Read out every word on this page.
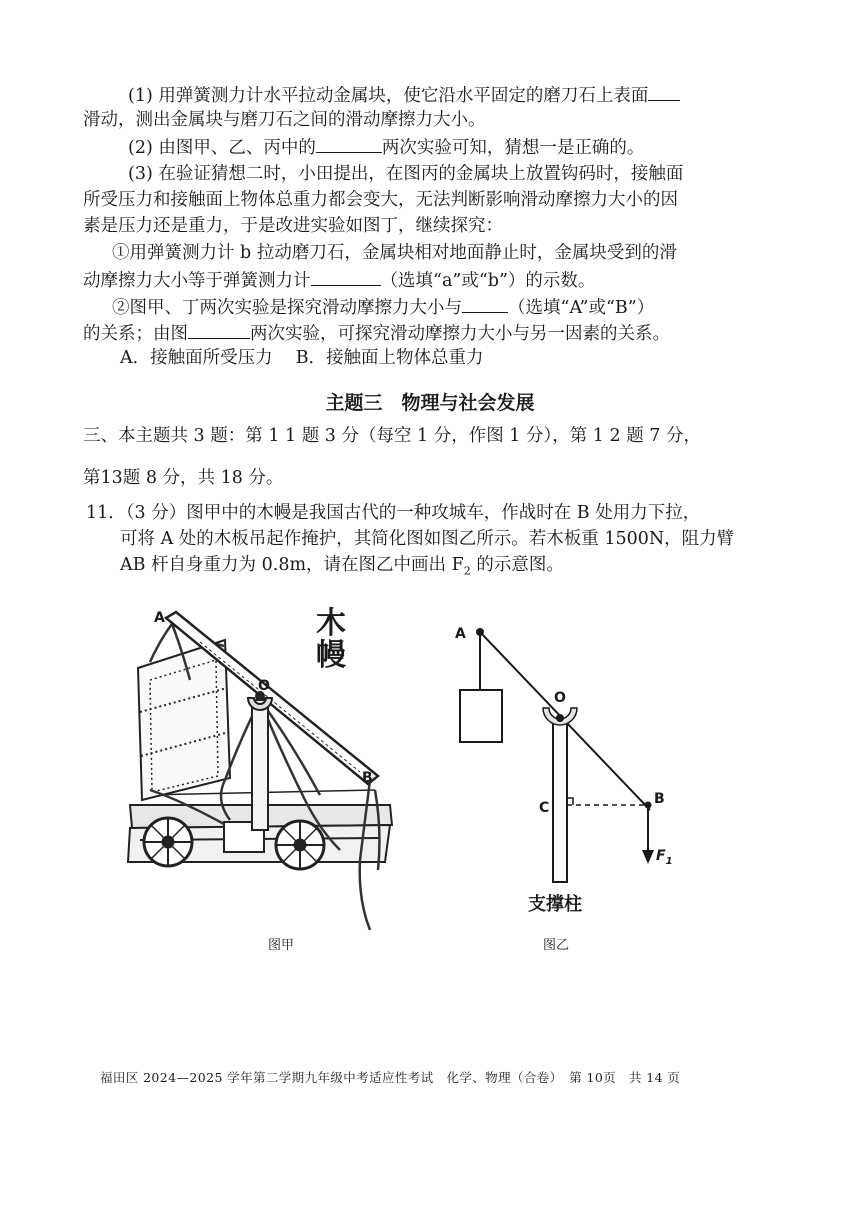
(1) 用弹簧测力计水平拉动金属块，使它沿水平固定的磨刀石上表面
滑动，测出金属块与磨刀石之间的滑动摩擦力大小。
(2) 由图甲、乙、丙中的	两次实验可知，猜想一是正确的。
(3) 在验证猜想二时，小田提出，在图丙的金属块上放置钩码时，接触面
所受压力和接触面上物体总重力都会变大，无法判断影响滑动摩擦力大小的因
素是压力还是重力，于是改进实验如图丁，继续探究：
①用弹簧测力计 b 拉动磨刀石，金属块相对地面静止时，金属块受到的滑
动摩擦力大小等于弹簧测力计	（选填“a”或“b”）的示数。
②图甲、丁两次实验是探究滑动摩擦力大小与	（选填“A”或“B”）
的关系；由图	两次实验，可探究滑动摩擦力大小与另一因素的关系。
A．接触面所受压力　 B．接触面上物体总重力
主题三　物理与社会发展
三、本主题共 3 题：第 1 1 题 3 分（每空 1 分，作图 1 分），第 1 2 题 7 分，
第13题 8 分，共 18 分。
11．（3 分）图甲中的木幔是我国古代的一种攻城车，作战时在 B 处用力下拉，
可将 A 处的木板吊起作掩护，其简化图如图乙所示。若木板重 1500N，阻力臂
AB 杆自身重力为 0.8m，请在图乙中画出 $F_2$ 的示意图。
A
O
B
木
幔
图甲
A
O
B
C
$F_1$
支撑柱
图乙
福田区 2024—2025 学年第二学期九年级中考适应性考试　化学、物理（合卷）　第 10页　共 14 页
